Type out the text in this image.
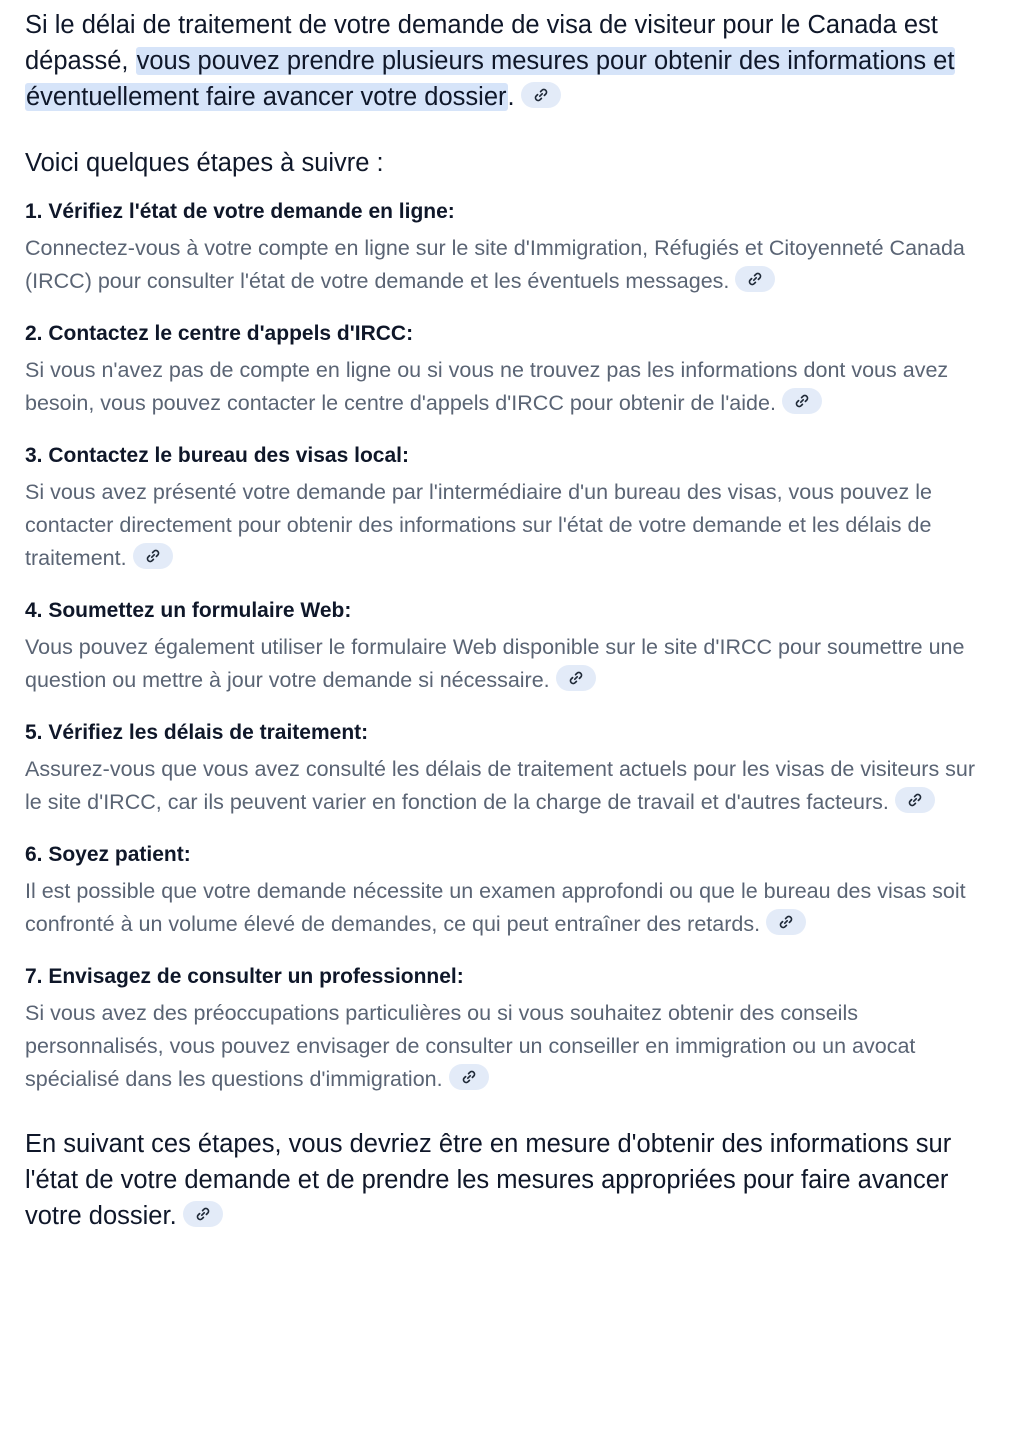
Si le délai de traitement de votre demande de visa de visiteur pour le Canada est dépassé, vous pouvez prendre plusieurs mesures pour obtenir des informations et éventuellement faire avancer votre dossier.

Voici quelques étapes à suivre :

1. Vérifiez l'état de votre demande en ligne:

Connectez-vous à votre compte en ligne sur le site d'Immigration, Réfugiés et Citoyenneté Canada (IRCC) pour consulter l'état de votre demande et les éventuels messages.

2. Contactez le centre d'appels d'IRCC:

Si vous n'avez pas de compte en ligne ou si vous ne trouvez pas les informations dont vous avez besoin, vous pouvez contacter le centre d'appels d'IRCC pour obtenir de l'aide.

3. Contactez le bureau des visas local:

Si vous avez présenté votre demande par l'intermédiaire d'un bureau des visas, vous pouvez le contacter directement pour obtenir des informations sur l'état de votre demande et les délais de traitement.

4. Soumettez un formulaire Web:

Vous pouvez également utiliser le formulaire Web disponible sur le site d'IRCC pour soumettre une question ou mettre à jour votre demande si nécessaire.

5. Vérifiez les délais de traitement:

Assurez-vous que vous avez consulté les délais de traitement actuels pour les visas de visiteurs sur le site d'IRCC, car ils peuvent varier en fonction de la charge de travail et d'autres facteurs.

6. Soyez patient:

Il est possible que votre demande nécessite un examen approfondi ou que le bureau des visas soit confronté à un volume élevé de demandes, ce qui peut entraîner des retards.

7. Envisagez de consulter un professionnel:

Si vous avez des préoccupations particulières ou si vous souhaitez obtenir des conseils personnalisés, vous pouvez envisager de consulter un conseiller en immigration ou un avocat spécialisé dans les questions d'immigration.

En suivant ces étapes, vous devriez être en mesure d'obtenir des informations sur l'état de votre demande et de prendre les mesures appropriées pour faire avancer votre dossier.
